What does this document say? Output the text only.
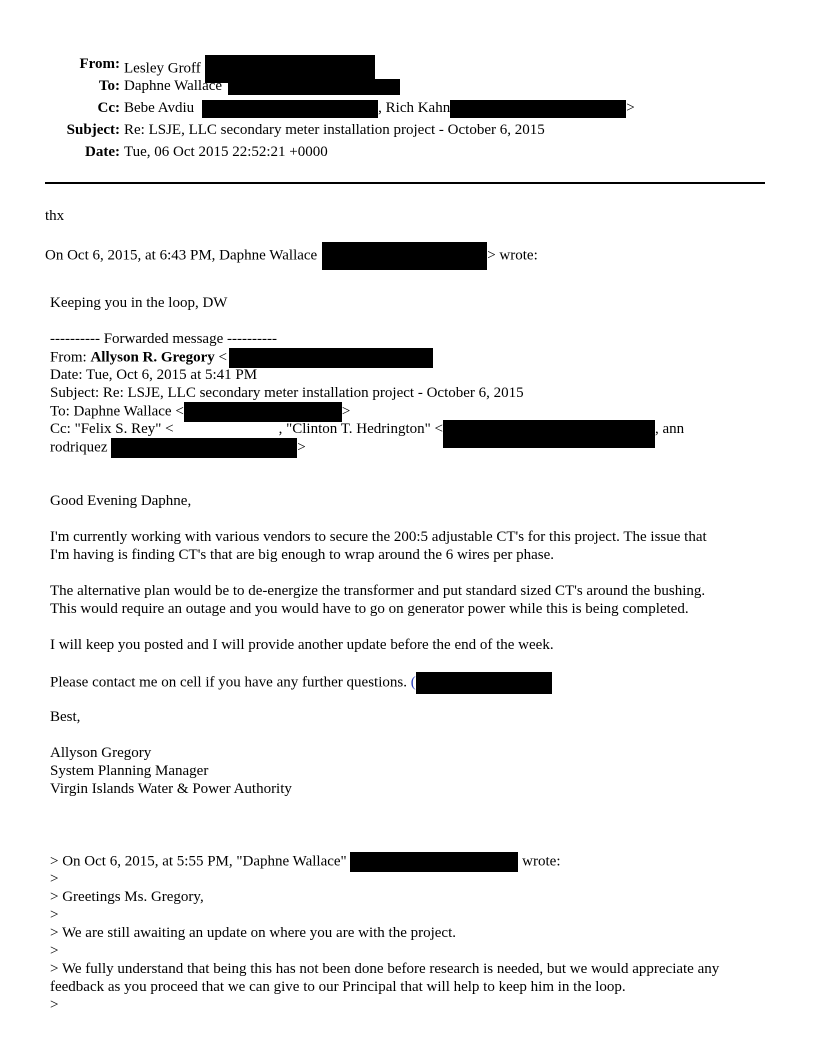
From: Lesley Groff
To: Daphne Wallace
Cc: Bebe Avdiu	, Rich Kahn	>
Subject: Re: LSJE, LLC secondary meter installation project - October 6, 2015
Date: Tue, 06 Oct 2015 22:52:21 +0000
thx
On Oct 6, 2015, at 6:43 PM, Daphne Wallace	> wrote:
Keeping you in the loop, DW
---------- Forwarded message ----------
From: Allyson R. Gregory <
Date: Tue, Oct 6, 2015 at 5:41 PM
Subject: Re: LSJE, LLC secondary meter installation project - October 6, 2015
To: Daphne Wallace <	>
Cc: "Felix S. Rey" <	, "Clinton T. Hedrington" <	, ann
rodriquez	>
Good Evening Daphne,
I'm currently working with various vendors to secure the 200:5 adjustable CT's for this project. The issue that
I'm having is finding CT's that are big enough to wrap around the 6 wires per phase.
The alternative plan would be to de-energize the transformer and put standard sized CT's around the bushing.
This would require an outage and you would have to go on generator power while this is being completed.
I will keep you posted and I will provide another update before the end of the week.
Please contact me on cell if you have any further questions. (
Best,
Allyson Gregory
System Planning Manager
Virgin Islands Water & Power Authority
> On Oct 6, 2015, at 5:55 PM, "Daphne Wallace"	wrote:
>
> Greetings Ms. Gregory,
>
> We are still awaiting an update on where you are with the project.
>
> We fully understand that being this has not been done before research is needed, but we would appreciate any
feedback as you proceed that we can give to our Principal that will help to keep him in the loop.
>
